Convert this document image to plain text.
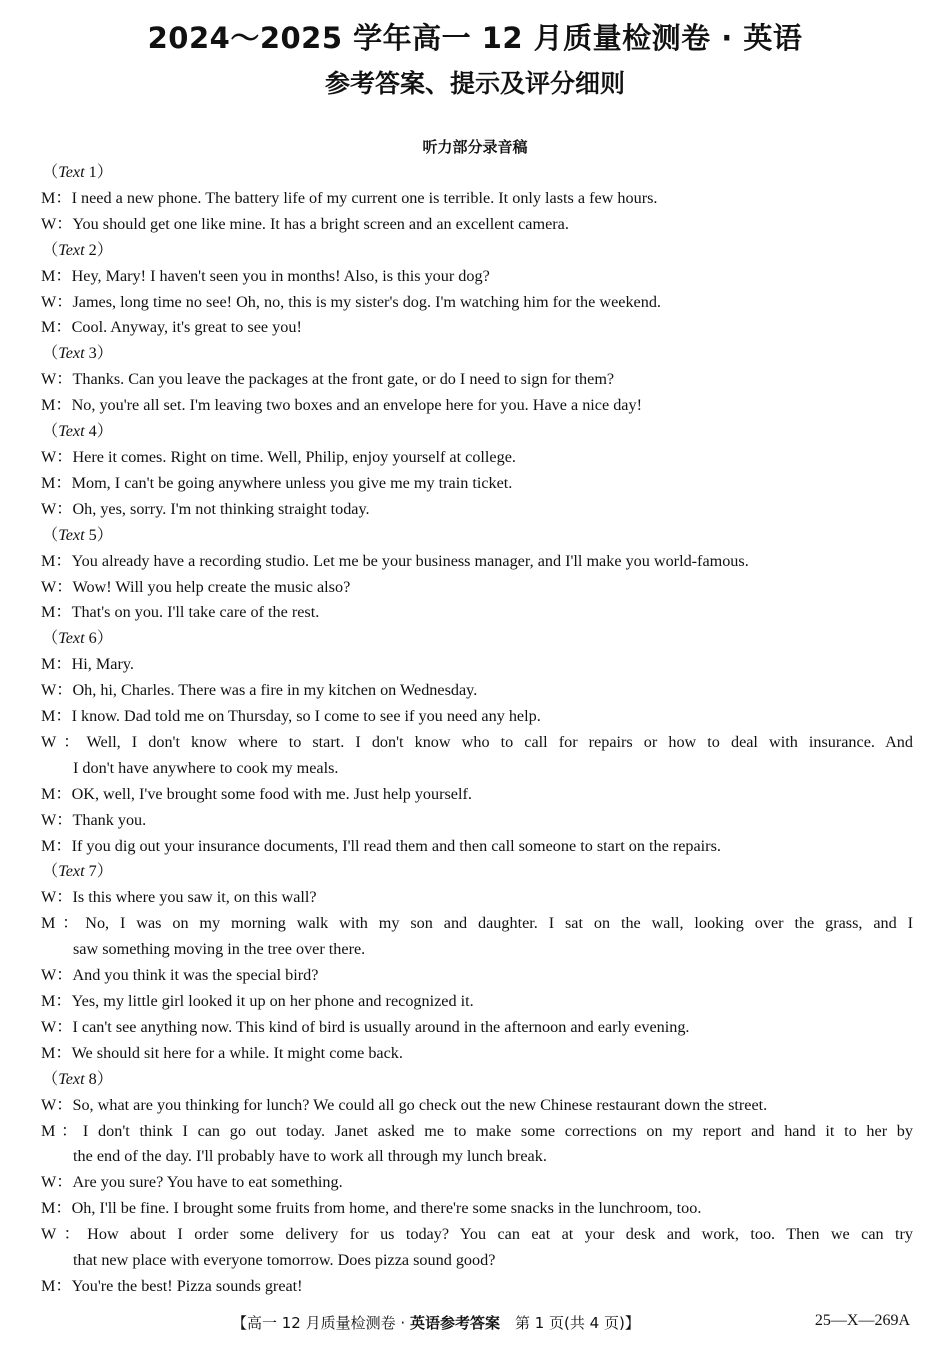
2024～2025 学年高一 12 月质量检测卷 · 英语
参考答案、提示及评分细则
听力部分录音稿
（Text 1）
M：I need a new phone. The battery life of my current one is terrible. It only lasts a few hours.
W：You should get one like mine. It has a bright screen and an excellent camera.
（Text 2）
M：Hey, Mary! I haven't seen you in months! Also, is this your dog?
W：James, long time no see! Oh, no, this is my sister's dog. I'm watching him for the weekend.
M：Cool. Anyway, it's great to see you!
（Text 3）
W：Thanks. Can you leave the packages at the front gate, or do I need to sign for them?
M：No, you're all set. I'm leaving two boxes and an envelope here for you. Have a nice day!
（Text 4）
W：Here it comes. Right on time. Well, Philip, enjoy yourself at college.
M：Mom, I can't be going anywhere unless you give me my train ticket.
W：Oh, yes, sorry. I'm not thinking straight today.
（Text 5）
M：You already have a recording studio. Let me be your business manager, and I'll make you world-famous.
W：Wow! Will you help create the music also?
M：That's on you. I'll take care of the rest.
（Text 6）
M：Hi, Mary.
W：Oh, hi, Charles. There was a fire in my kitchen on Wednesday.
M：I know. Dad told me on Thursday, so I come to see if you need any help.
W：Well, I don't know where to start. I don't know who to call for repairs or how to deal with insurance. And
I don't have anywhere to cook my meals.
M：OK, well, I've brought some food with me. Just help yourself.
W：Thank you.
M：If you dig out your insurance documents, I'll read them and then call someone to start on the repairs.
（Text 7）
W：Is this where you saw it, on this wall?
M：No, I was on my morning walk with my son and daughter. I sat on the wall, looking over the grass, and I
saw something moving in the tree over there.
W：And you think it was the special bird?
M：Yes, my little girl looked it up on her phone and recognized it.
W：I can't see anything now. This kind of bird is usually around in the afternoon and early evening.
M：We should sit here for a while. It might come back.
（Text 8）
W：So, what are you thinking for lunch? We could all go check out the new Chinese restaurant down the street.
M：I don't think I can go out today. Janet asked me to make some corrections on my report and hand it to her by
the end of the day. I'll probably have to work all through my lunch break.
W：Are you sure? You have to eat something.
M：Oh, I'll be fine. I brought some fruits from home, and there're some snacks in the lunchroom, too.
W：How about I order some delivery for us today? You can eat at your desk and work, too. Then we can try
that new place with everyone tomorrow. Does pizza sound good?
M：You're the best! Pizza sounds great!
【高一 12 月质量检测卷 · 英语参考答案　第 1 页(共 4 页)】	25—X—269A
